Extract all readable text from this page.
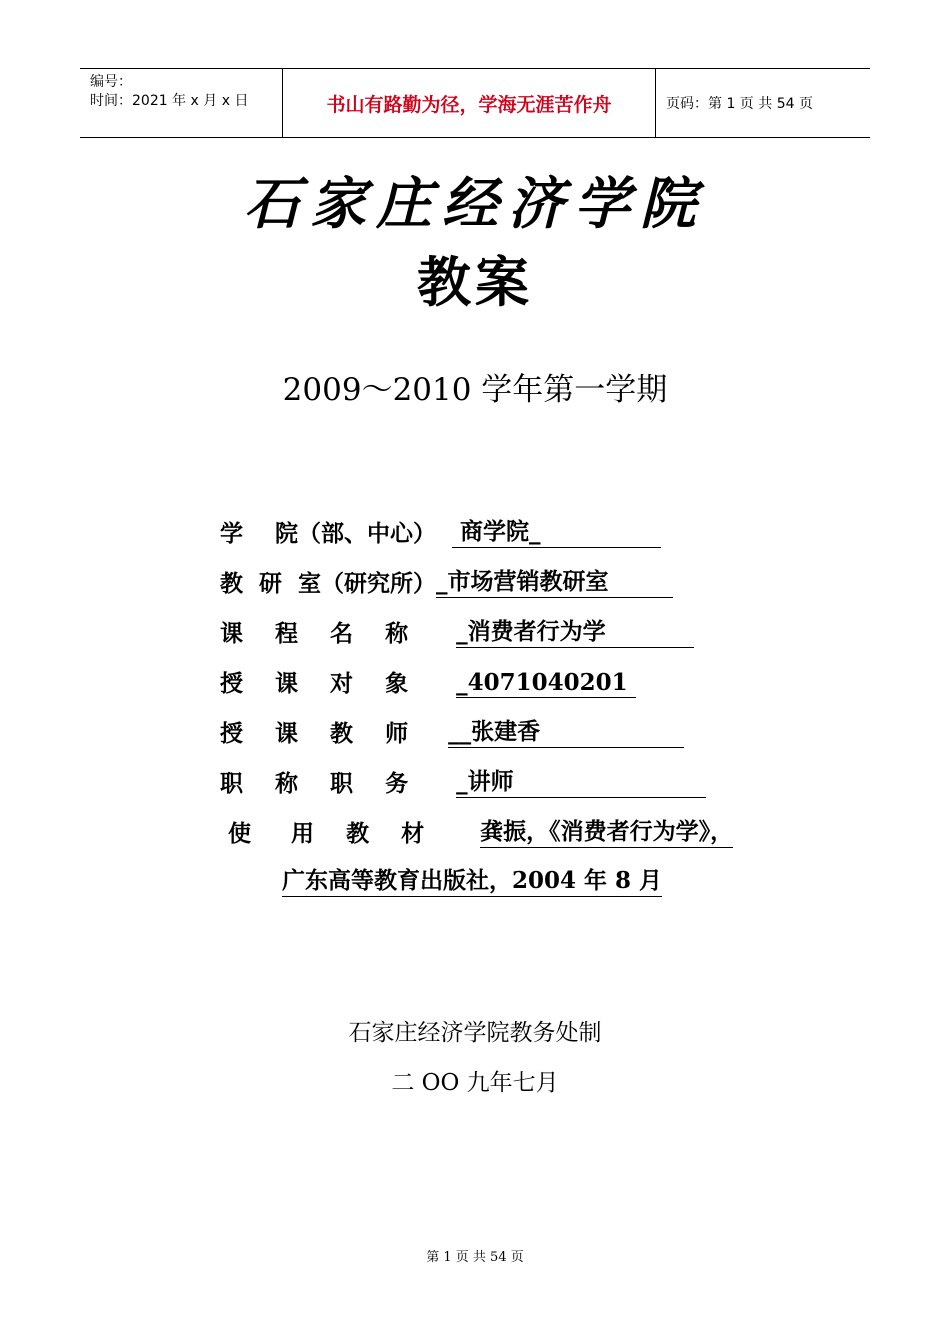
编号：
时间：2021 年 x 月 x 日	书山有路勤为径，学海无涯苦作舟	页码：第 1 页 共 54 页
石家庄经济学院
教案
2009～2010 学年第一学期
学    院（部、中心） 商学院_
教  研  室（研究所） _市场营销教研室
课    程    名    称 _消费者行为学
授    课    对    象 _4071040201
授    课    教    师 __张建香
职    称    职    务 _讲师
使     用    教    材 龚振，《消费者行为学》，
广东高等教育出版社，2004 年 8 月
石家庄经济学院教务处制
二 OO 九年七月
第 1 页 共 54 页
